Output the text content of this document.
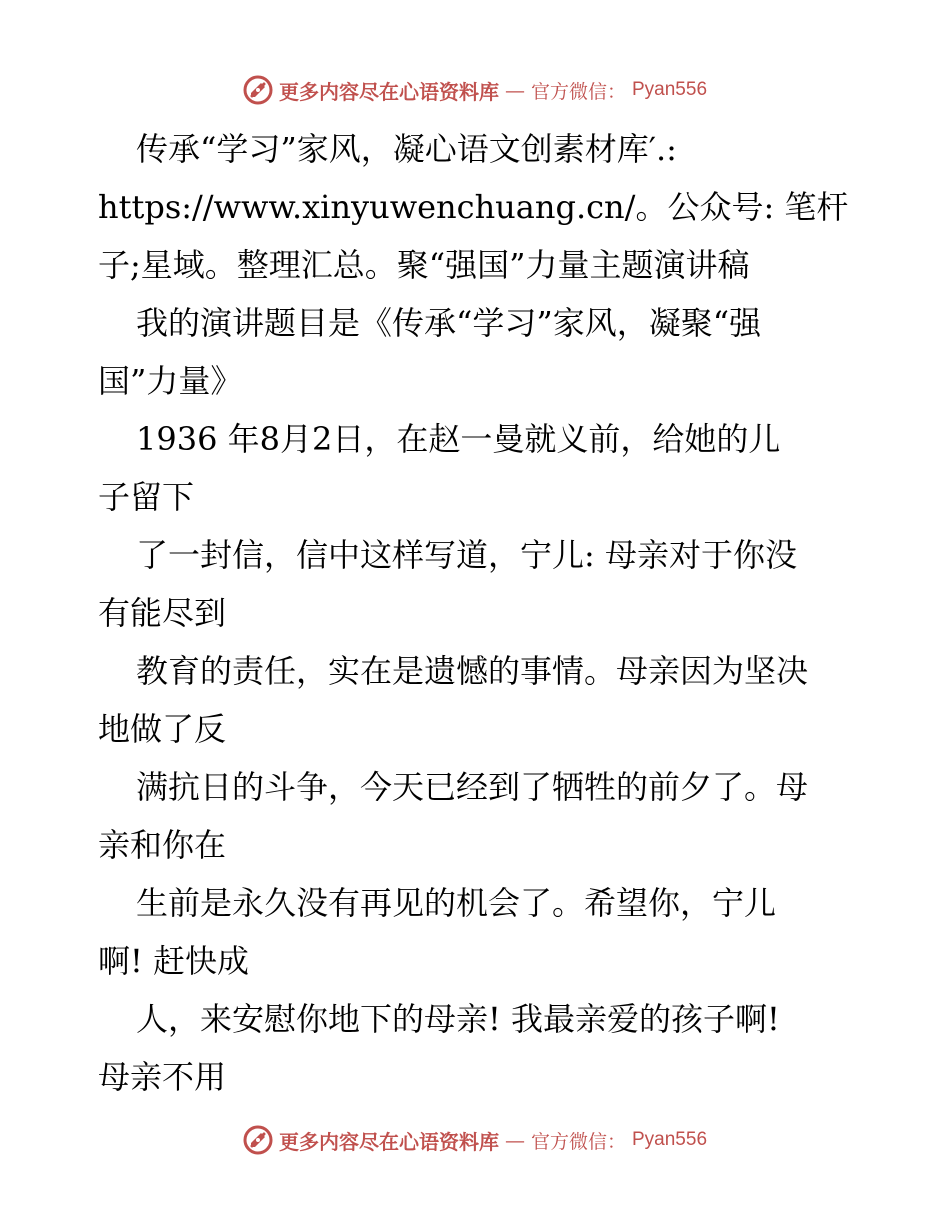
更多内容尽在心语资料库 — 官方微信： Pyan556
传承“学习”家风，凝心语文创素材库′.:
https://www.xinyuwenchuang.cn/。公众号: 笔杆
子;星域。整理汇总。聚“强国”力量主题演讲稿
我的演讲题目是《传承“学习”家风，凝聚“强
国”力量》
1936 年8月2日，在赵一曼就义前，给她的儿
子留下
了一封信，信中这样写道，宁儿: 母亲对于你没
有能尽到
教育的责任，实在是遗憾的事情。母亲因为坚决
地做了反
满抗日的斗争，今天已经到了牺牲的前夕了。母
亲和你在
生前是永久没有再见的机会了。希望你，宁儿
啊! 赶快成
人，来安慰你地下的母亲! 我最亲爱的孩子啊!
母亲不用
更多内容尽在心语资料库 — 官方微信： Pyan556
